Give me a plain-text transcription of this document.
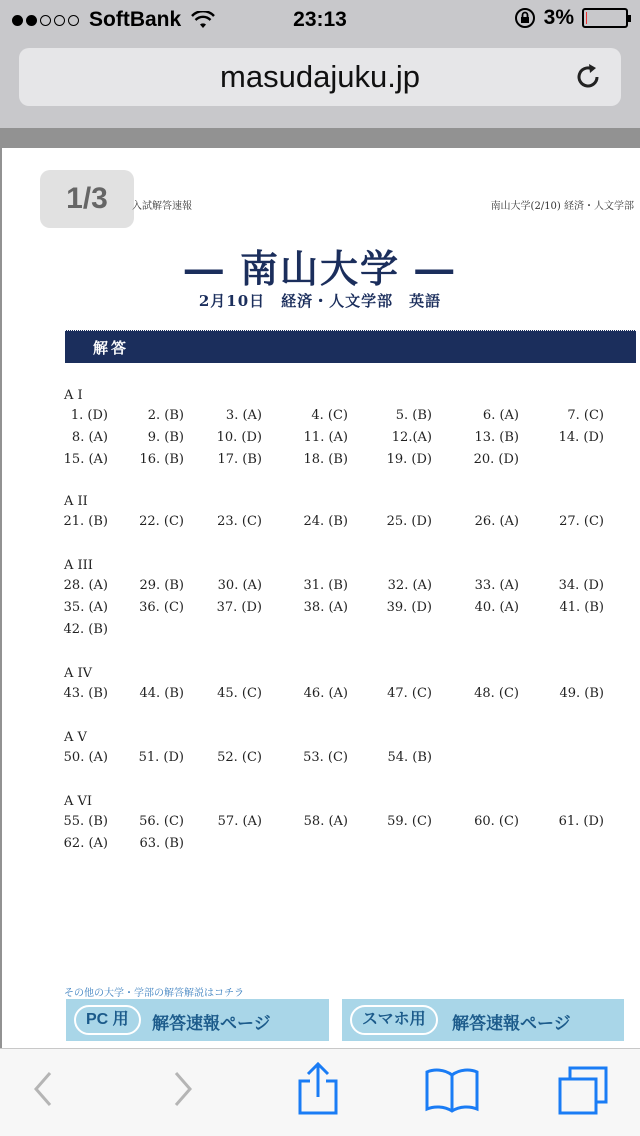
SoftBank	23:13	3%
masudajuku.jp
1/3	入試解答速報	南山大学(2/10) 経済・人文学部
― 南山大学 ―
2月10日　経済・人文学部　英語
解答
A I
1. (D)	2. (B)	3. (A)	4. (C)	5. (B)	6. (A)	7. (C)
8. (A)	9. (B)	10. (D)	11. (A)	12.(A)	13. (B)	14. (D)
15. (A) 16. (B)	17. (B)	18. (B)	19. (D)	20. (D)
A II
21. (B) 22. (C)	23. (C)	24. (B)	25. (D)	26. (A)	27. (C)
A III
28. (A) 29. (B)	30. (A)	31. (B)	32. (A)	33. (A)	34. (D)
35. (A) 36. (C)	37. (D)	38. (A)	39. (D)	40. (A)	41. (B)
42. (B)
A IV
43. (B) 44. (B)	45. (C)	46. (A)	47. (C)	48. (C)	49. (B)
A V
50. (A) 51. (D)	52. (C)	53. (C)	54. (B)
A VI
55. (B) 56. (C)	57. (A)	58. (A)	59. (C)	60. (C)	61. (D)
62. (A) 63. (B)
その他の大学・学部の解答解説はコチラ
PC 用	解答速報ページ	スマホ用	解答速報ページ
